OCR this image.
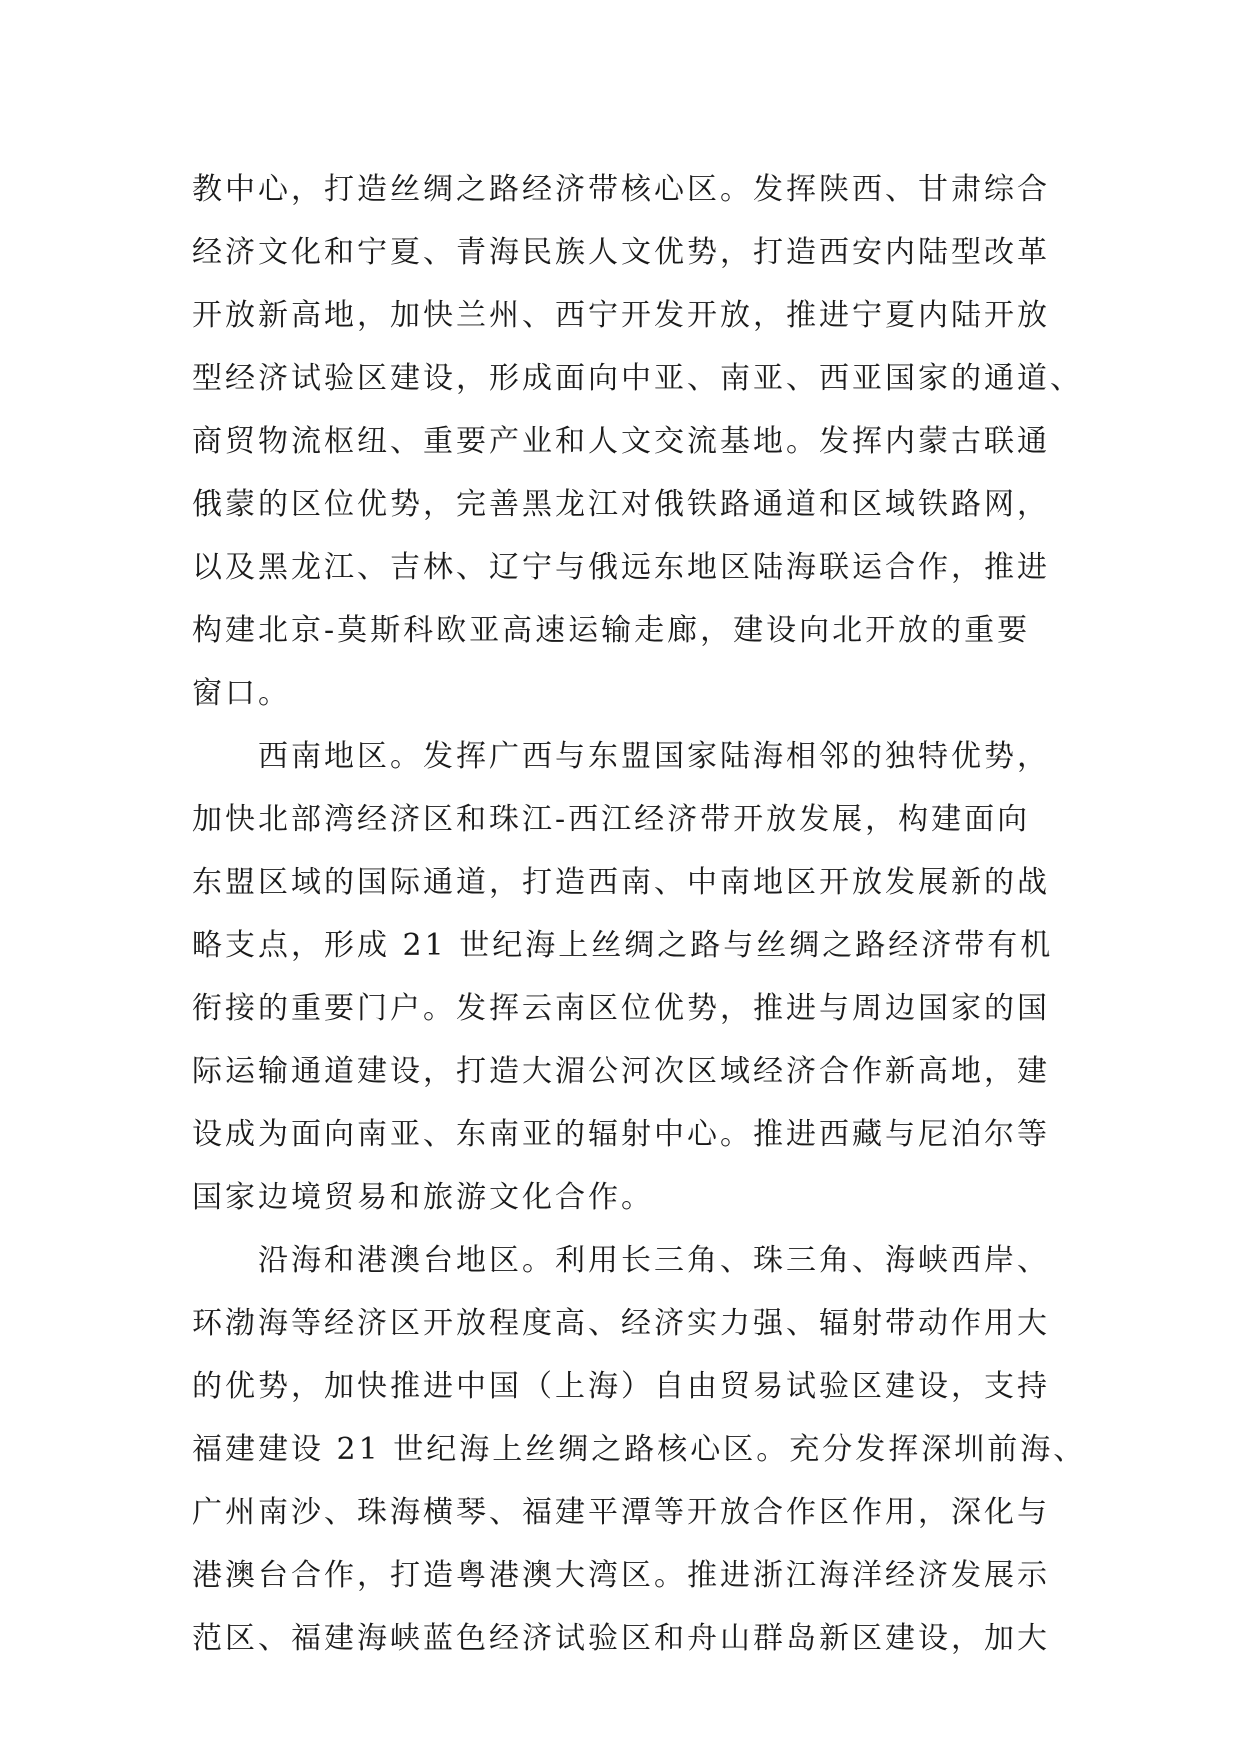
教中心，打造丝绸之路经济带核心区。发挥陕西、甘肃综合
经济文化和宁夏、青海民族人文优势，打造西安内陆型改革
开放新高地，加快兰州、西宁开发开放，推进宁夏内陆开放
型经济试验区建设，形成面向中亚、南亚、西亚国家的通道、
商贸物流枢纽、重要产业和人文交流基地。发挥内蒙古联通
俄蒙的区位优势，完善黑龙江对俄铁路通道和区域铁路网，
以及黑龙江、吉林、辽宁与俄远东地区陆海联运合作，推进
构建北京-莫斯科欧亚高速运输走廊，建设向北开放的重要
窗口。
西南地区。发挥广西与东盟国家陆海相邻的独特优势，
加快北部湾经济区和珠江-西江经济带开放发展，构建面向
东盟区域的国际通道，打造西南、中南地区开放发展新的战
略支点，形成 21 世纪海上丝绸之路与丝绸之路经济带有机
衔接的重要门户。发挥云南区位优势，推进与周边国家的国
际运输通道建设，打造大湄公河次区域经济合作新高地，建
设成为面向南亚、东南亚的辐射中心。推进西藏与尼泊尔等
国家边境贸易和旅游文化合作。
沿海和港澳台地区。利用长三角、珠三角、海峡西岸、
环渤海等经济区开放程度高、经济实力强、辐射带动作用大
的优势，加快推进中国（上海）自由贸易试验区建设，支持
福建建设 21 世纪海上丝绸之路核心区。充分发挥深圳前海、
广州南沙、珠海横琴、福建平潭等开放合作区作用，深化与
港澳台合作，打造粤港澳大湾区。推进浙江海洋经济发展示
范区、福建海峡蓝色经济试验区和舟山群岛新区建设，加大
